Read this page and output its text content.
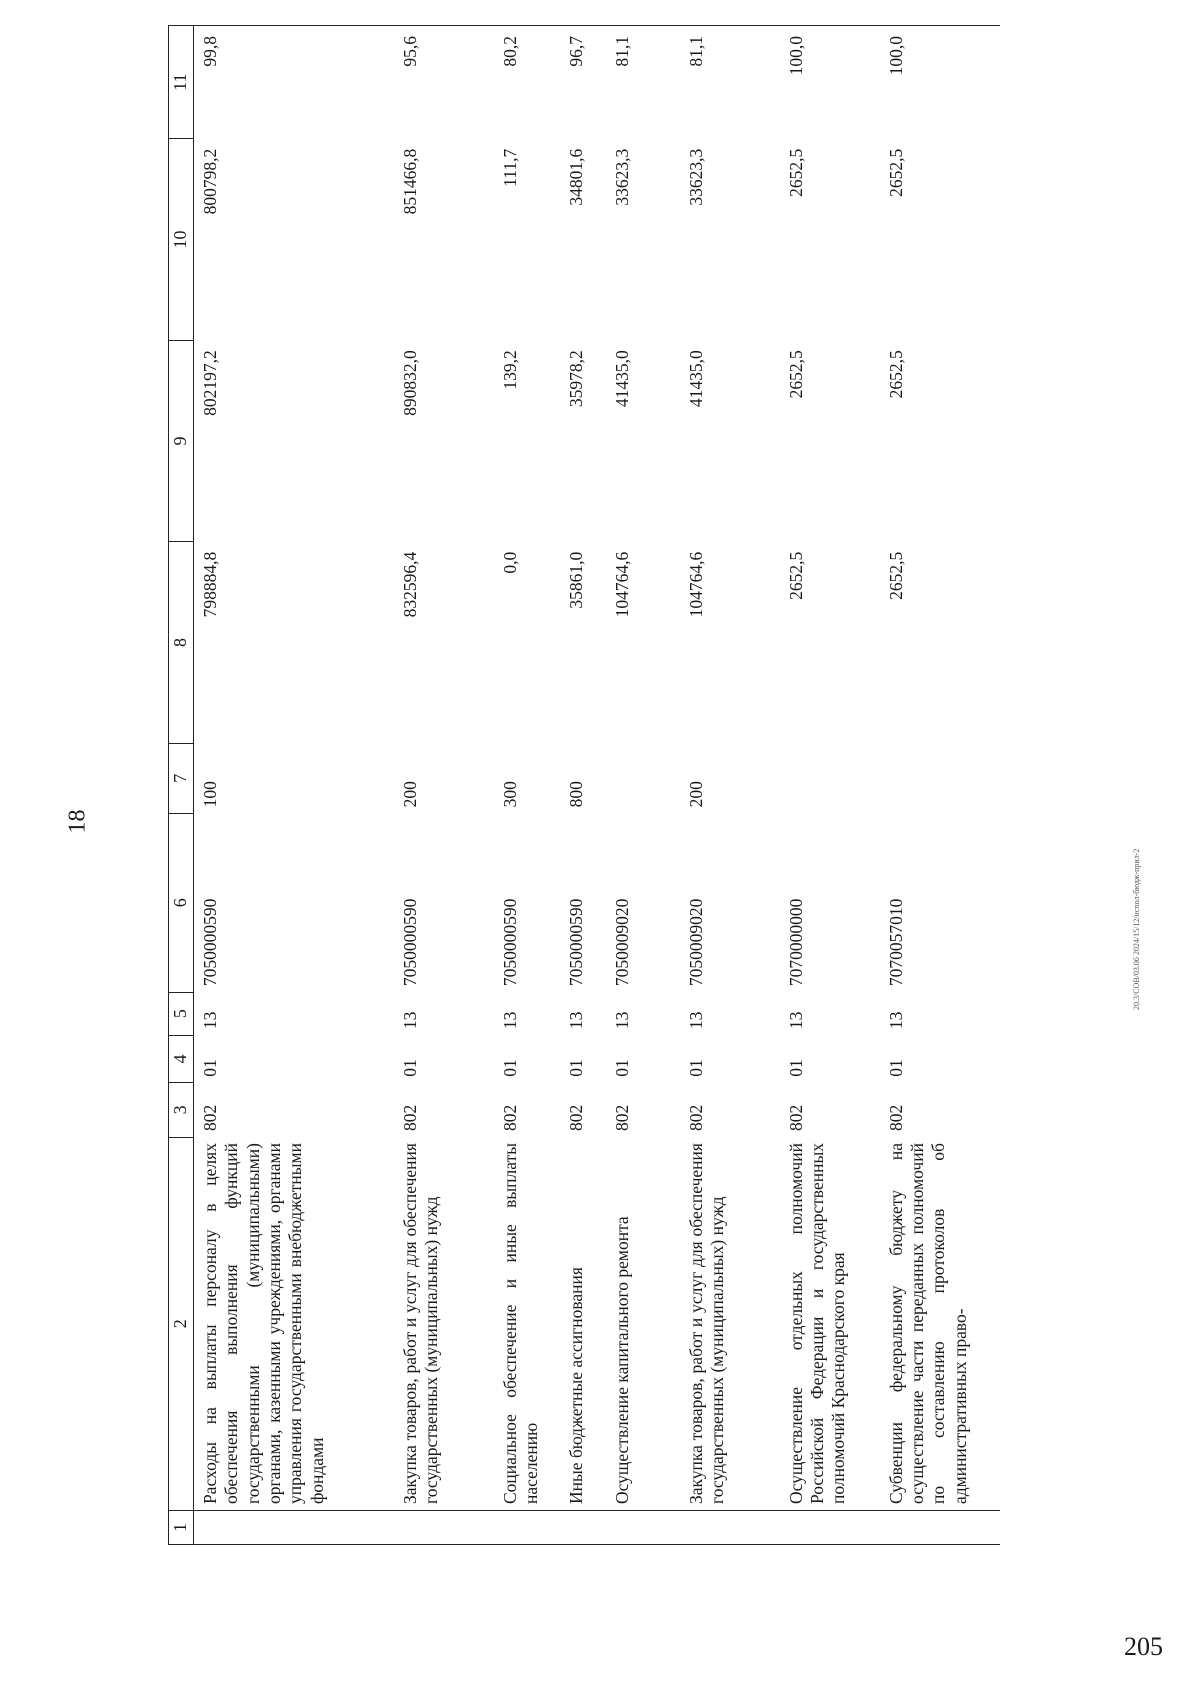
18
1	2	3	4	5	6	7	8	9	10	11
	Расходы на выплаты персоналу в целях обеспечения выполнения функций государственными (муниципальными) органами, казенными учреждениями, органами управления государственными внебюджетными фондами	802	01	13	7050000590	100	798884,8	802197,2	800798,2	99,8
	Закупка товаров, работ и услуг для обеспечения государственных (муниципальных) нужд	802	01	13	7050000590	200	832596,4	890832,0	851466,8	95,6
	Социальное обеспечение и иные выплаты населению	802	01	13	7050000590	300	0,0	139,2	111,7	80,2
	Иные бюджетные ассигнования	802	01	13	7050000590	800	35861,0	35978,2	34801,6	96,7
	Осуществление капитального ремонта	802	01	13	7050009020		104764,6	41435,0	33623,3	81,1
	Закупка товаров, работ и услуг для обеспечения государственных (муниципальных) нужд	802	01	13	7050009020	200	104764,6	41435,0	33623,3	81,1
	Осуществление отдельных полномочий Российской Федерации и государственных полномочий Краснодарского края	802	01	13	7070000000		2652,5	2652,5	2652,5	100,0
	Субвенции федеральному бюджету на осуществление части переданных полномочий по составлению протоколов об административных право-	802	01	13	7070057010		2652,5	2652,5	2652,5	100,0
20.3/СОВ/03.06 2024/15/12/испол-бюдж-прил-2
205
